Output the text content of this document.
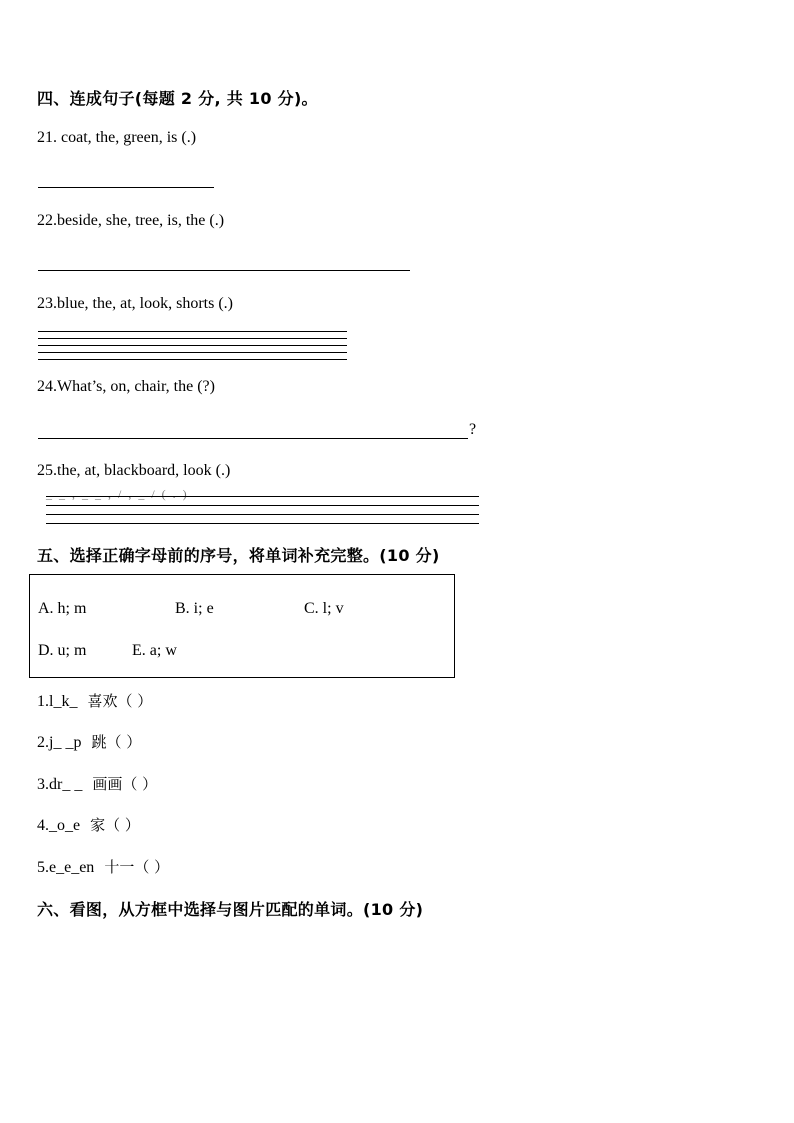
四、连成句子(每题 2 分, 共 10 分)。
21. coat, the, green, is (.)
22.beside, she, tree, is, the (.)
23.blue, the, at, look, shorts (.)
24.What’s, on, chair, the (?)
?
25.the, at, blackboard, look (.)
_ _ , _ _ , / , _ / ( . )
五、选择正确字母前的序号，将单词补充完整。(10 分)
A. h; m	B. i; e	C. l; v
D. u; m	E. a; w
1.l_k_ 喜欢（ ）
2.j_ _p 跳（ ）
3.dr_ _ 画画（ ）
4._o_e 家（ ）
5.e_e_en 十一（ ）
六、看图，从方框中选择与图片匹配的单词。(10 分)
